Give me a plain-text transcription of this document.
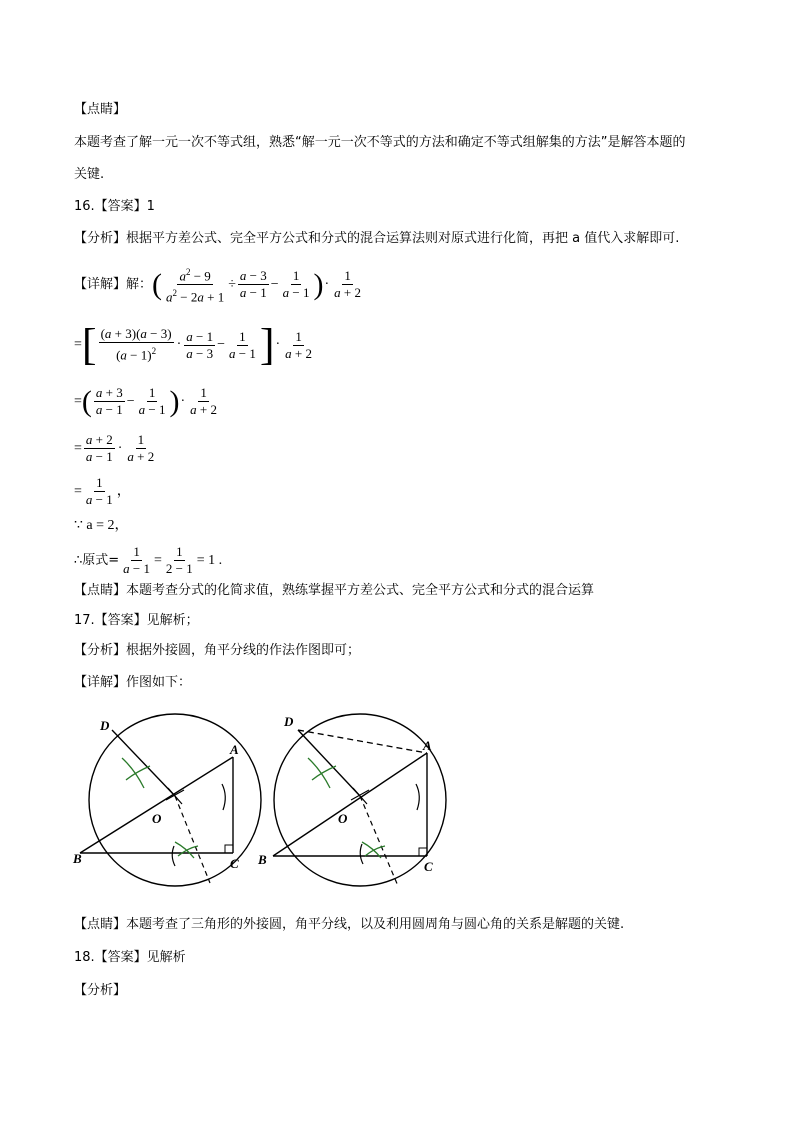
【点睛】
本题考查了解一元一次不等式组，熟悉“解一元一次不等式的方法和确定不等式组解集的方法”是解答本题的
关键.
16.【答案】1
【分析】根据平方差公式、完全平方公式和分式的混合运算法则对原式进行化简，再把 a 值代入求解即可.
【详解】解： ( $\frac{a^2 - 9}{a^2 - 2a + 1} \div \frac{a - 3}{a - 1} - \frac{1}{a - 1}$ ) · $\frac{1}{a + 2}$
= [ $\frac{(a + 3)(a - 3)}{(a - 1)^2} \cdot \frac{a - 1}{a - 3} - \frac{1}{a - 1}$ ] · $\frac{1}{a + 2}$
= ( $\frac{a + 3}{a - 1} - \frac{1}{a - 1}$ ) · $\frac{1}{a + 2}$
= $\frac{a + 2}{a - 1} \cdot \frac{1}{a + 2}$
= $\frac{1}{a - 1}$ ，
∵ a = 2，
∴原式= $\frac{1}{a - 1} = \frac{1}{2 - 1} = 1$ .
【点睛】本题考查分式的化简求值，熟练掌握平方差公式、完全平方公式和分式的混合运算
17.【答案】见解析；
【分析】根据外接圆，角平分线的作法作图即可；
【详解】作图如下：
D
A
O
B	C
D
A
O
B	C
【点睛】本题考查了三角形的外接圆，角平分线，以及利用圆周角与圆心角的关系是解题的关键.
18.【答案】见解析
【分析】
